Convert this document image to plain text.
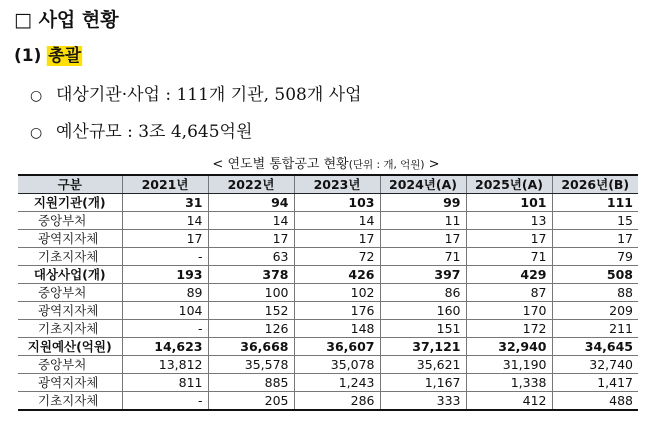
□ 사업 현황
(1) 총괄
○ 대상기관·사업 : 111개 기관, 508개 사업
○ 예산규모 : 3조 4,645억원
< 연도별 통합공고 현황(단위 : 개, 억원) >
구분	2021년	2022년	2023년	2024년(A)	2025년(A)	2026년(B)
지원기관(개)	31	94	103	99	101	111
중앙부처	14	14	14	11	13	15
광역지자체	17	17	17	17	17	17
기초지자체	-	63	72	71	71	79
대상사업(개)	193	378	426	397	429	508
중앙부처	89	100	102	86	87	88
광역지자체	104	152	176	160	170	209
기초지자체	-	126	148	151	172	211
지원예산(억원)	14,623	36,668	36,607	37,121	32,940	34,645
중앙부처	13,812	35,578	35,078	35,621	31,190	32,740
광역지자체	811	885	1,243	1,167	1,338	1,417
기초지자체	-	205	286	333	412	488
